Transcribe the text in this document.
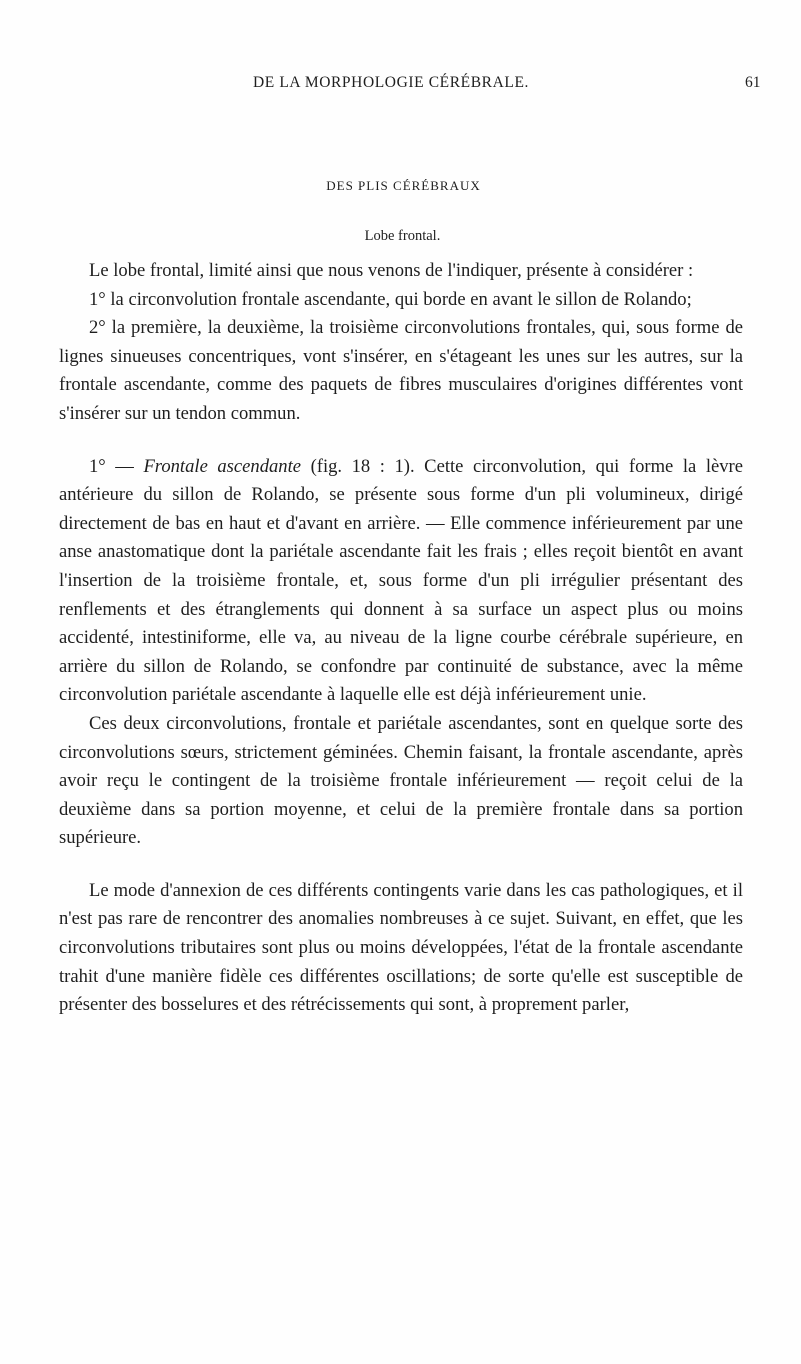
DE LA MORPHOLOGIE CÉRÉBRALE.	61
DES PLIS CÉRÉBRAUX
Lobe frontal.

Le lobe frontal, limité ainsi que nous venons de l'indiquer, présente à considérer :

1° la circonvolution frontale ascendante, qui borde en avant le sillon de Rolando;

2° la première, la deuxième, la troisième circonvolutions frontales, qui, sous forme de lignes sinueuses concentriques, vont s'insérer, en s'étageant les unes sur les autres, sur la frontale ascendante, comme des paquets de fibres musculaires d'origines différentes vont s'insérer sur un tendon commun.

1° — Frontale ascendante (fig. 18 : 1). Cette circonvolution, qui forme la lèvre antérieure du sillon de Rolando, se présente sous forme d'un pli volumineux, dirigé directement de bas en haut et d'avant en arrière. — Elle commence inférieurement par une anse anastomatique dont la pariétale ascendante fait les frais ; elles reçoit bientôt en avant l'insertion de la troisième frontale, et, sous forme d'un pli irrégulier présentant des renflements et des étranglements qui donnent à sa surface un aspect plus ou moins accidenté, intestiniforme, elle va, au niveau de la ligne courbe cérébrale supérieure, en arrière du sillon de Rolando, se confondre par continuité de substance, avec la même circonvolution pariétale ascendante à laquelle elle est déjà inférieurement unie.

Ces deux circonvolutions, frontale et pariétale ascendantes, sont en quelque sorte des circonvolutions sœurs, strictement géminées. Chemin faisant, la frontale ascendante, après avoir reçu le contingent de la troisième frontale inférieurement — reçoit celui de la deuxième dans sa portion moyenne, et celui de la première frontale dans sa portion supérieure.

Le mode d'annexion de ces différents contingents varie dans les cas pathologiques, et il n'est pas rare de rencontrer des anomalies nombreuses à ce sujet. Suivant, en effet, que les circonvolutions tributaires sont plus ou moins développées, l'état de la frontale ascendante trahit d'une manière fidèle ces différentes oscillations; de sorte qu'elle est susceptible de présenter des bosselures et des rétrécissements qui sont, à proprement parler,
